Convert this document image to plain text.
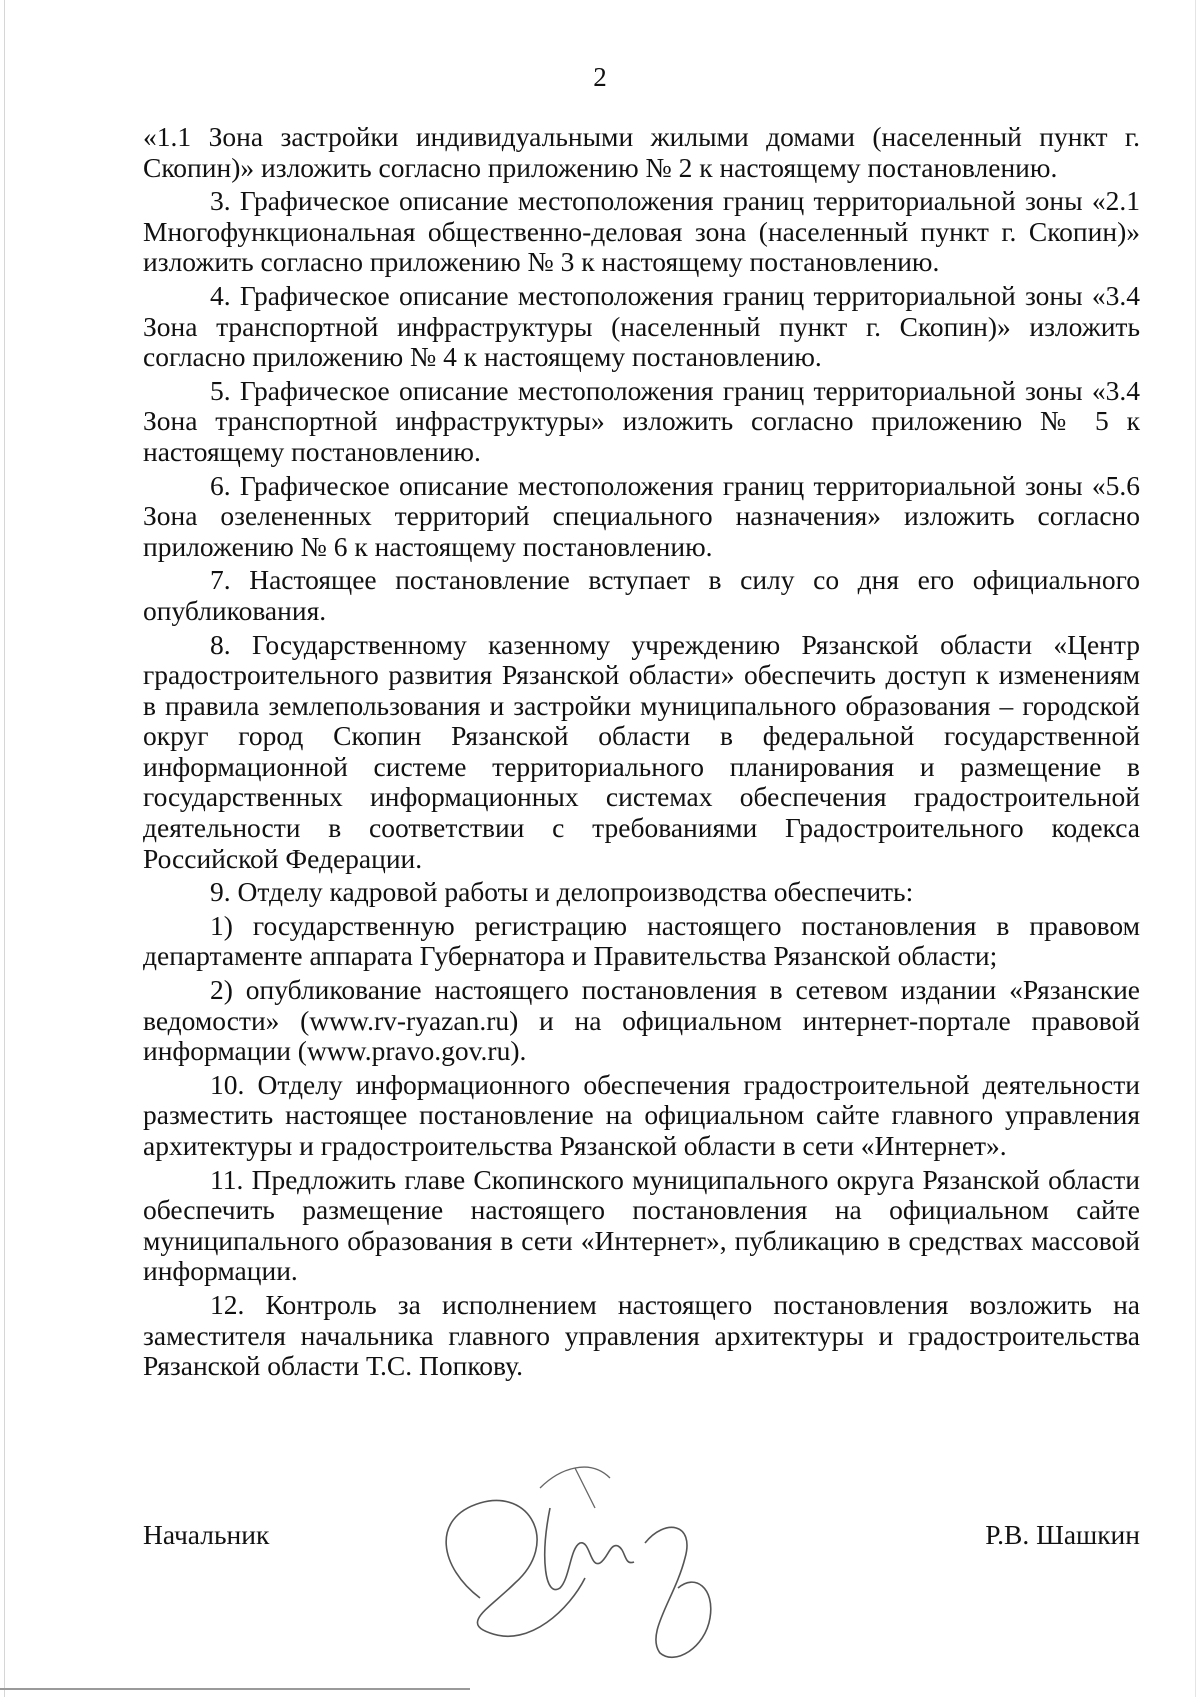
2

«1.1 Зона застройки индивидуальными жилыми домами (населенный пункт г. Скопин)» изложить согласно приложению № 2 к настоящему постановлению.

3. Графическое описание местоположения границ территориальной зоны «2.1 Многофункциональная общественно-деловая зона (населенный пункт г. Скопин)» изложить согласно приложению № 3 к настоящему постановлению.

4. Графическое описание местоположения границ территориальной зоны «3.4 Зона транспортной инфраструктуры (населенный пункт г. Скопин)» изложить согласно приложению № 4 к настоящему постановлению.

5. Графическое описание местоположения границ территориальной зоны «3.4 Зона транспортной инфраструктуры» изложить согласно приложению № 5 к настоящему постановлению.

6. Графическое описание местоположения границ территориальной зоны «5.6 Зона озелененных территорий специального назначения» изложить согласно приложению № 6 к настоящему постановлению.

7. Настоящее постановление вступает в силу со дня его официального опубликования.

8. Государственному казенному учреждению Рязанской области «Центр градостроительного развития Рязанской области» обеспечить доступ к изменениям в правила землепользования и застройки муниципального образования – городской округ город Скопин Рязанской области в федеральной государственной информационной системе территориального планирования и размещение в государственных информационных системах обеспечения градостроительной деятельности в соответствии с требованиями Градостроительного кодекса Российской Федерации.

9. Отделу кадровой работы и делопроизводства обеспечить:

1) государственную регистрацию настоящего постановления в правовом департаменте аппарата Губернатора и Правительства Рязанской области;

2) опубликование настоящего постановления в сетевом издании «Рязанские ведомости» (www.rv-ryazan.ru) и на официальном интернет-портале правовой информации (www.pravo.gov.ru).

10. Отделу информационного обеспечения градостроительной деятельности разместить настоящее постановление на официальном сайте главного управления архитектуры и градостроительства Рязанской области в сети «Интернет».

11. Предложить главе Скопинского муниципального округа Рязанской области обеспечить размещение настоящего постановления на официальном сайте муниципального образования в сети «Интернет», публикацию в средствах массовой информации.

12. Контроль за исполнением настоящего постановления возложить на заместителя начальника главного управления архитектуры и градостроительства Рязанской области Т.С. Попкову.

Начальник	Р.В. Шашкин
